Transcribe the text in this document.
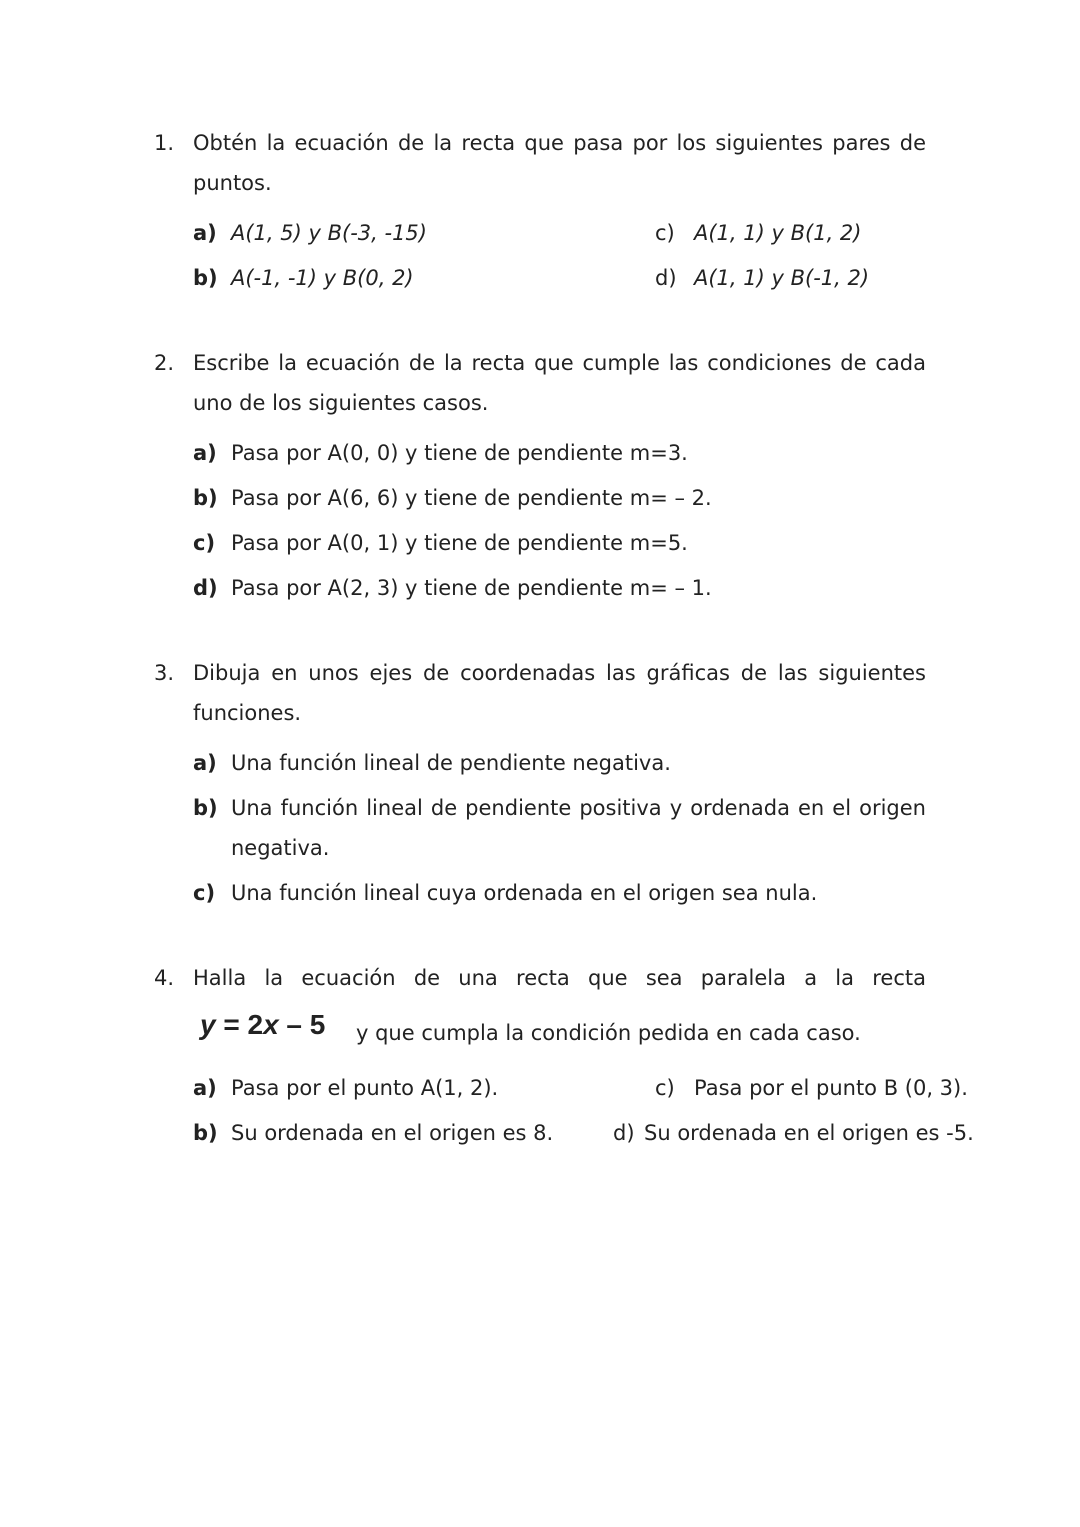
1. Obtén la ecuación de la recta que pasa por los siguientes pares de
puntos.
a) A(1, 5) y B(-3, -15)
b) A(-1, -1) y B(0, 2)
c) A(1, 1) y B(1, 2)
d) A(1, 1) y B(-1, 2)
2. Escribe la ecuación de la recta que cumple las condiciones de cada
uno de los siguientes casos.
a) Pasa por A(0, 0) y tiene de pendiente m=3.
b) Pasa por A(6, 6) y tiene de pendiente m= – 2.
c) Pasa por A(0, 1) y tiene de pendiente m=5.
d) Pasa por A(2, 3) y tiene de pendiente m= – 1.
3. Dibuja en unos ejes de coordenadas las gráficas de las siguientes
funciones.
a) Una función lineal de pendiente negativa.
b) Una función lineal de pendiente positiva y ordenada en el origen
negativa.
c) Una función lineal cuya ordenada en el origen sea nula.
4. Halla la ecuación de una recta que sea paralela a la recta
y = 2x – 5 y que cumpla la condición pedida en cada caso.
a) Pasa por el punto A(1, 2).
b) Su ordenada en el origen es 8.
c) Pasa por el punto B (0, 3).
d) Su ordenada en el origen es -5.
